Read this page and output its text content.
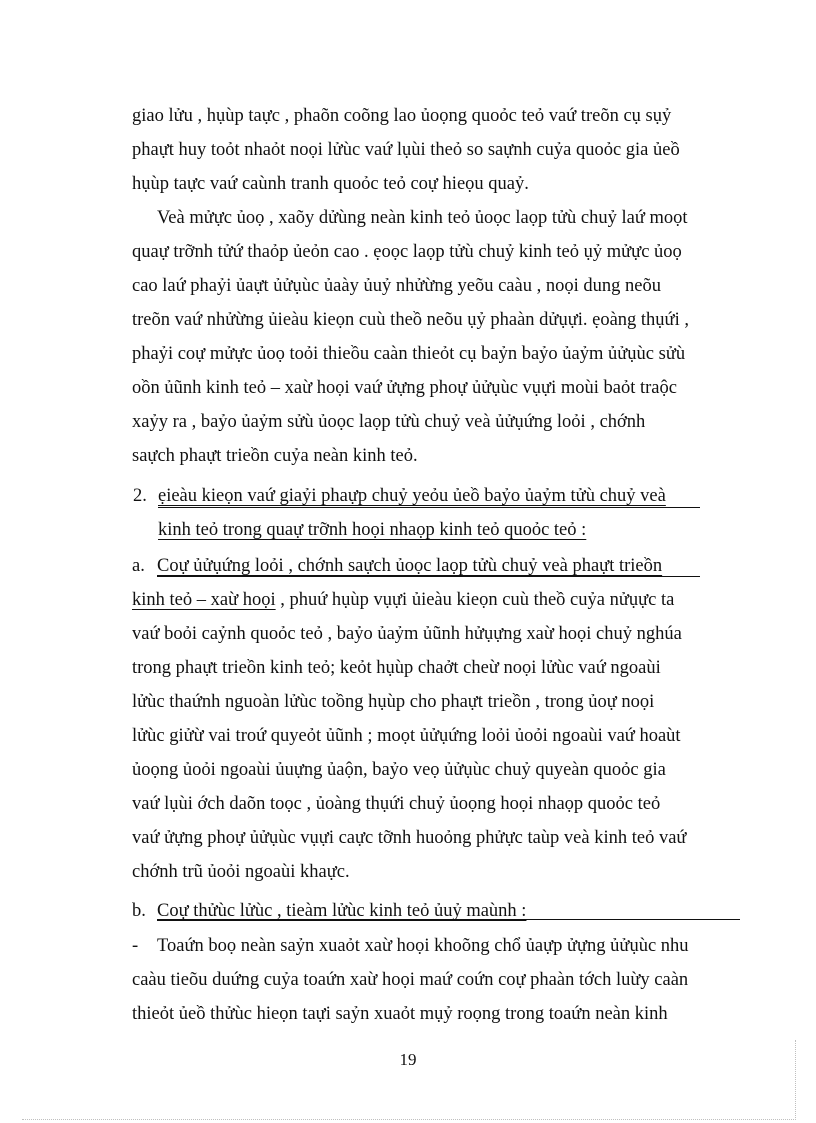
giao lửu , hụùp taực , phaõn coõng lao ủoọng quoỏc teỏ vaứ treõn cụ sụỷ
phaựt huy toỏt nhaỏt noọi lửùc vaứ lụùi theỏ so saựnh cuỷa quoỏc gia ủeồ
hụùp taực vaứ caùnh tranh quoỏc teỏ coự hieọu quaỷ.
Veà mửực ủoọ , xaõy dửùng neàn kinh teỏ ủoọc laọp tửù chuỷ laứ moọt
quaự trỡnh tửứ thaỏp ủeỏn cao . ẹoọc laọp tửù chuỷ kinh teỏ ụỷ mửực ủoọ
cao laứ phaỷi ủaựt ủửụùc ủaày ủuỷ nhửừng yeõu caàu , noọi dung neõu
treõn vaứ nhửừng ủieàu kieọn cuù theồ neõu ụỷ phaàn dửụựi. ẹoàng thụứi ,
phaỷi coự mửực ủoọ toỏi thieồu caàn thieỏt cụ baỷn baỷo ủaỷm ủửụùc sửù
oồn ủũnh kinh teỏ – xaừ hoọi vaứ ửựng phoự ủửụùc vụựi moùi baỏt traộc
xaỷy ra , baỷo ủaỷm sửù ủoọc laọp tửù chuỷ veà ủửụứng loỏi , chớnh
saựch phaựt trieồn cuỷa neàn kinh teỏ.
2. ẹieàu kieọn vaứ giaỷi phaựp chuỷ yeỏu ủeồ baỷo ủaỷm tửù chuỷ veà
kinh teỏ trong quaự trỡnh hoọi nhaọp kinh teỏ quoỏc teỏ :
a. Coự ủửụứng loỏi , chớnh saựch ủoọc laọp tửù chuỷ veà phaựt trieồn
kinh teỏ – xaừ hoọi , phuứ hụùp vụựi ủieàu kieọn cuù theồ cuỷa nửụực ta
vaứ boỏi caỷnh quoỏc teỏ , baỷo ủaỷm ủũnh hửụựng xaừ hoọi chuỷ nghúa
trong phaựt trieồn kinh teỏ; keỏt hụùp chaởt cheừ noọi lửùc vaứ ngoaùi
lửùc thaứnh nguoàn lửùc toồng hụùp cho phaựt trieồn , trong ủoự noọi
lửùc giửừ vai troứ quyeỏt ủũnh ; moọt ủửụứng loỏi ủoỏi ngoaùi vaứ hoaùt
ủoọng ủoỏi ngoaùi ủuựng ủaộn, baỷo veọ ủửụùc chuỷ quyeàn quoỏc gia
vaứ lụùi ớch daõn toọc , ủoàng thụứi chuỷ ủoọng hoọi nhaọp quoỏc teỏ
vaứ ửựng phoự ủửụùc vụựi caực tỡnh huoỏng phửực taùp veà kinh teỏ vaứ
chớnh trũ ủoỏi ngoaùi khaực.
b. Coự thửùc lửùc , tieàm lửùc kinh teỏ ủuỷ maùnh :
- Toaứn boọ neàn saỷn xuaỏt xaừ hoọi khoõng chổ ủaựp ửựng ủửụùc nhu
caàu tieõu duứng cuỷa toaứn xaừ hoọi maứ coứn coự phaàn tớch luừy caàn
thieỏt ủeồ thửùc hieọn taựi saỷn xuaỏt mụỷ roọng trong toaứn neàn kinh
19
